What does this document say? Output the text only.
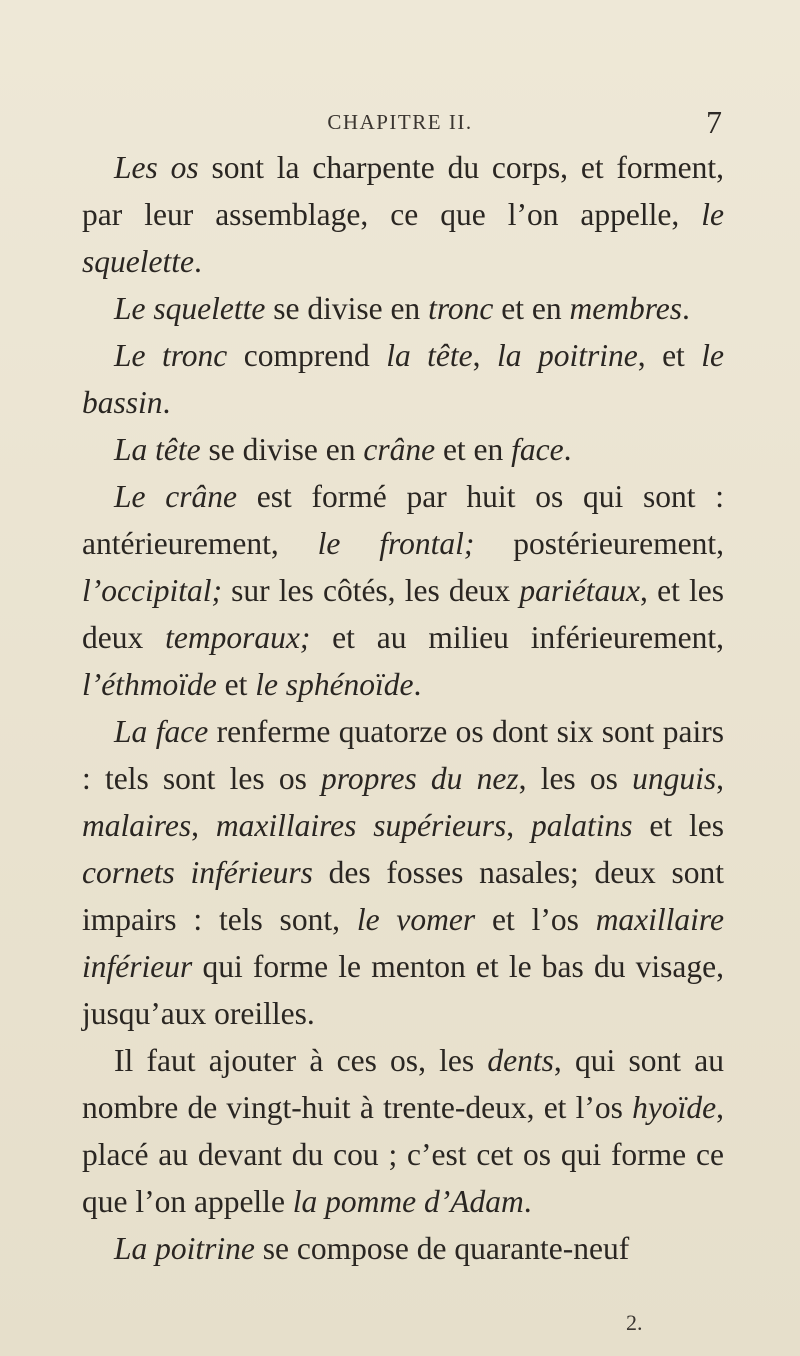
CHAPITRE II.	7

Les os sont la charpente du corps, et forment, par leur assemblage, ce que l’on appelle, le squelette.

Le squelette se divise en tronc et en membres.

Le tronc comprend la tête, la poitrine, et le bassin.

La tête se divise en crâne et en face.

Le crâne est formé par huit os qui sont : antérieurement, le frontal; postérieurement, l’occipital; sur les côtés, les deux pariétaux, et les deux temporaux; et au milieu inférieurement, l’éthmoïde et le sphénoïde.

La face renferme quatorze os dont six sont pairs : tels sont les os propres du nez, les os unguis, malaires, maxillaires supérieurs, palatins et les cornets inférieurs des fosses nasales; deux sont impairs : tels sont, le vomer et l’os maxillaire inférieur qui forme le menton et le bas du visage, jusqu’aux oreilles.

Il faut ajouter à ces os, les dents, qui sont au nombre de vingt-huit à trente-deux, et l’os hyoïde, placé au devant du cou ; c’est cet os qui forme ce que l’on appelle la pomme d’Adam.

La poitrine se compose de quarante-neuf

2.
